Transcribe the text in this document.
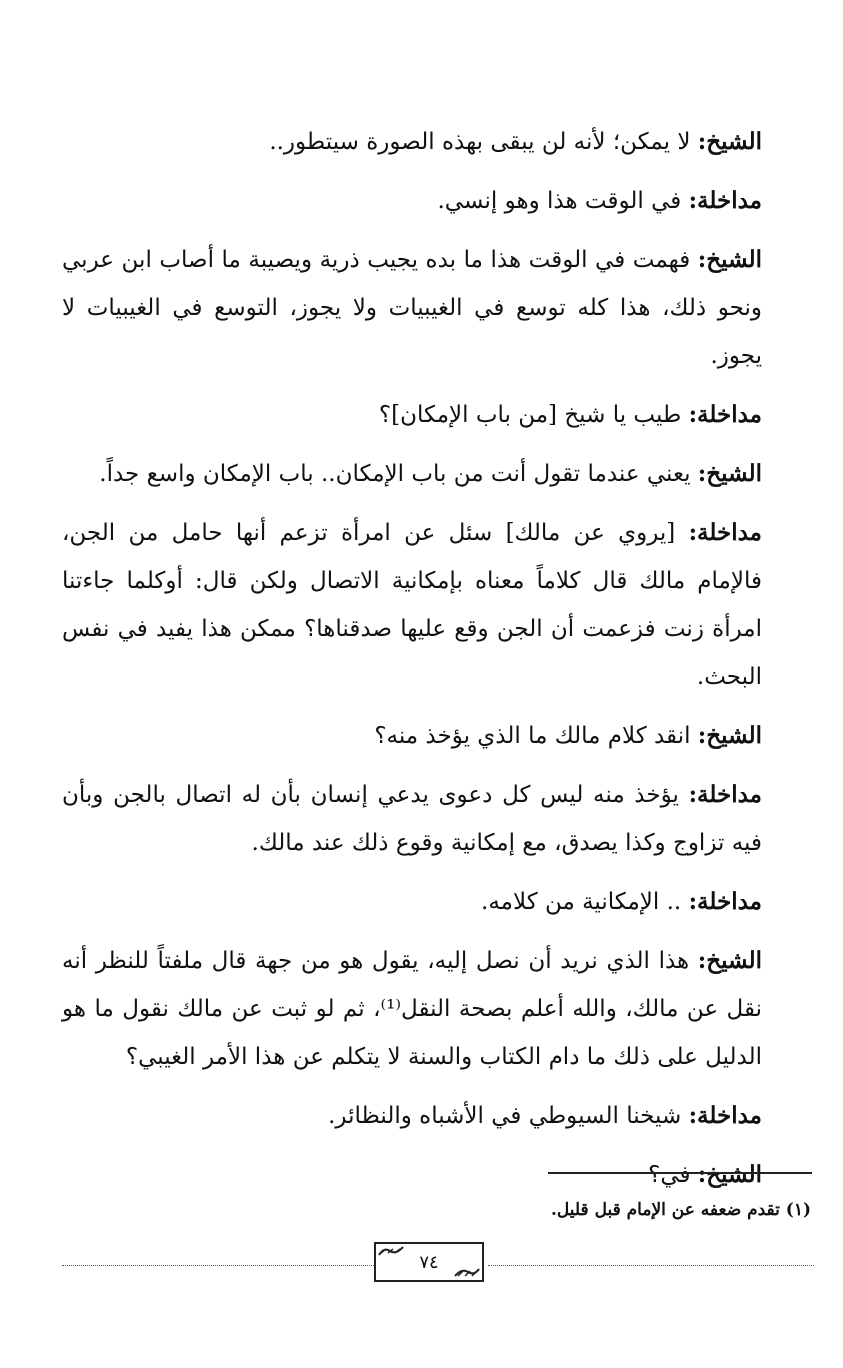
الشيخ: لا يمكن؛ لأنه لن يبقى بهذه الصورة سيتطور..

مداخلة: في الوقت هذا وهو إنسي.

الشيخ: فهمت في الوقت هذا ما بده يجيب ذرية ويصيبة ما أصاب ابن عربي ونحو ذلك، هذا كله توسع في الغيبيات ولا يجوز، التوسع في الغيبيات لا يجوز.

مداخلة: طيب يا شيخ [من باب الإمكان]؟

الشيخ: يعني عندما تقول أنت من باب الإمكان.. باب الإمكان واسع جداً.

مداخلة: [يروي عن مالك] سئل عن امرأة تزعم أنها حامل من الجن، فالإمام مالك قال كلاماً معناه بإمكانية الاتصال ولكن قال: أوكلما جاءتنا امرأة زنت فزعمت أن الجن وقع عليها صدقناها؟ ممكن هذا يفيد في نفس البحث.

الشيخ: انقد كلام مالك ما الذي يؤخذ منه؟

مداخلة: يؤخذ منه ليس كل دعوى يدعي إنسان بأن له اتصال بالجن وبأن فيه تزاوج وكذا يصدق، مع إمكانية وقوع ذلك عند مالك.

مداخلة: .. الإمكانية من كلامه.

الشيخ: هذا الذي نريد أن نصل إليه، يقول هو من جهة قال ملفتاً للنظر أنه نقل عن مالك، والله أعلم بصحة النقل⁽¹⁾، ثم لو ثبت عن مالك نقول ما هو الدليل على ذلك ما دام الكتاب والسنة لا يتكلم عن هذا الأمر الغيبي؟

مداخلة: شيخنا السيوطي في الأشباه والنظائر.

الشيخ: في؟

(١) تقدم ضعفه عن الإمام قبل قليل.
٧٤
